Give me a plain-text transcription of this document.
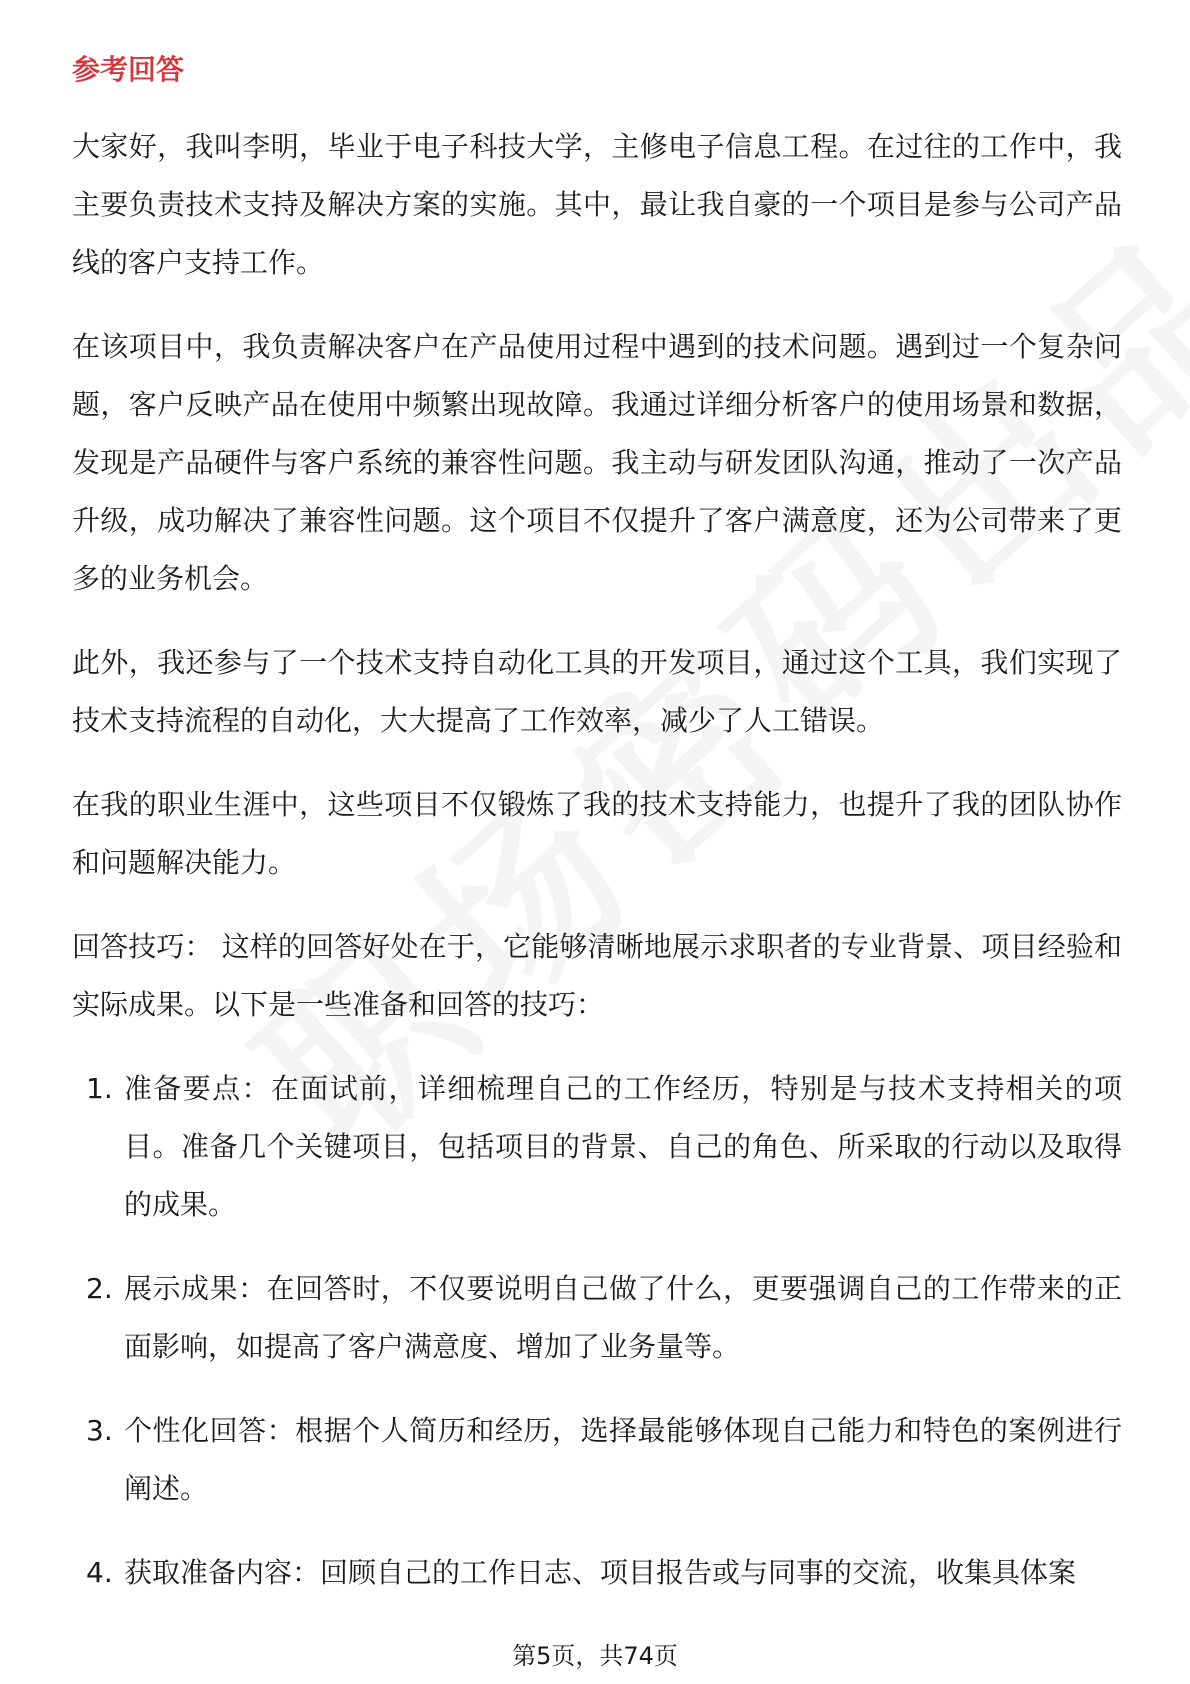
参考回答

大家好，我叫李明，毕业于电子科技大学，主修电子信息工程。在过往的工作中，我主要负责技术支持及解决方案的实施。其中，最让我自豪的一个项目是参与公司产品线的客户支持工作。

在该项目中，我负责解决客户在产品使用过程中遇到的技术问题。遇到过一个复杂问题，客户反映产品在使用中频繁出现故障。我通过详细分析客户的使用场景和数据，发现是产品硬件与客户系统的兼容性问题。我主动与研发团队沟通，推动了一次产品升级，成功解决了兼容性问题。这个项目不仅提升了客户满意度，还为公司带来了更多的业务机会。

此外，我还参与了一个技术支持自动化工具的开发项目，通过这个工具，我们实现了技术支持流程的自动化，大大提高了工作效率，减少了人工错误。

在我的职业生涯中，这些项目不仅锻炼了我的技术支持能力，也提升了我的团队协作和问题解决能力。

回答技巧： 这样的回答好处在于，它能够清晰地展示求职者的专业背景、项目经验和实际成果。以下是一些准备和回答的技巧：

1. 准备要点：在面试前，详细梳理自己的工作经历，特别是与技术支持相关的项目。准备几个关键项目，包括项目的背景、自己的角色、所采取的行动以及取得的成果。
2. 展示成果：在回答时，不仅要说明自己做了什么，更要强调自己的工作带来的正面影响，如提高了客户满意度、增加了业务量等。
3. 个性化回答：根据个人简历和经历，选择最能够体现自己能力和特色的案例进行阐述。
4. 获取准备内容：回顾自己的工作日志、项目报告或与同事的交流，收集具体案
第5页，共74页
